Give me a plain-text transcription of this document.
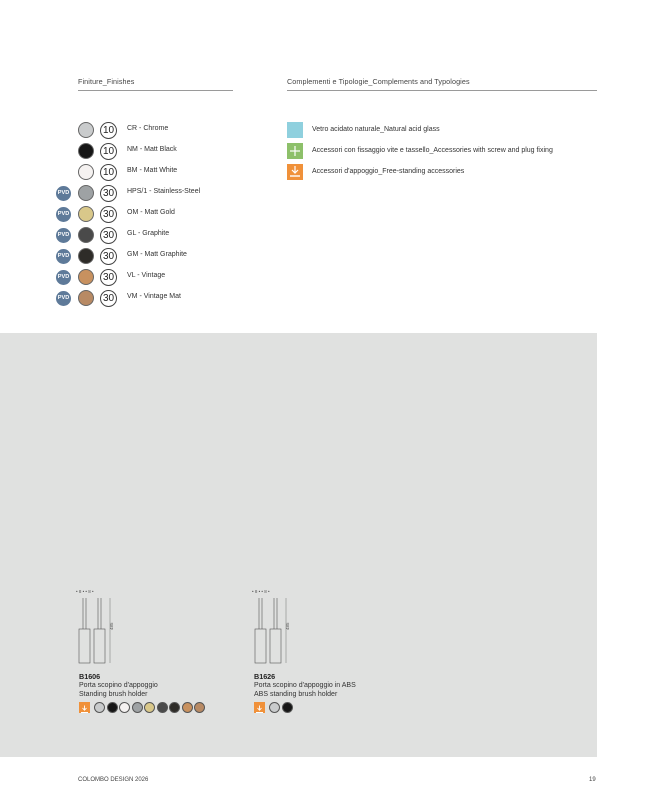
Finiture_Finishes	Complementi e Tipologie_Complements and Typologies
10	CR - Chrome
10	NM - Matt Black
10	BM - Matt White
PVD	30	HPS/1 - Stainless-Steel
PVD	30	OM - Matt Gold
PVD	30	GL - Graphite
PVD	30	GM - Matt Graphite
PVD	30	VL - Vintage
PVD	30	VM - Vintage Mat
Vetro acidato naturale_Natural acid glass
Accessori con fissaggio vite e tassello_Accessories with screw and plug fixing
Accessori d'appoggio_Free-standing accessories
• 8 • • 8 •
485
• 8 • • 8 •
485
B1606
Porta scopino d'appoggio
Standing brush holder
B1626
Porta scopino d'appoggio in ABS
ABS standing brush holder
COLOMBO DESIGN 2026	19
